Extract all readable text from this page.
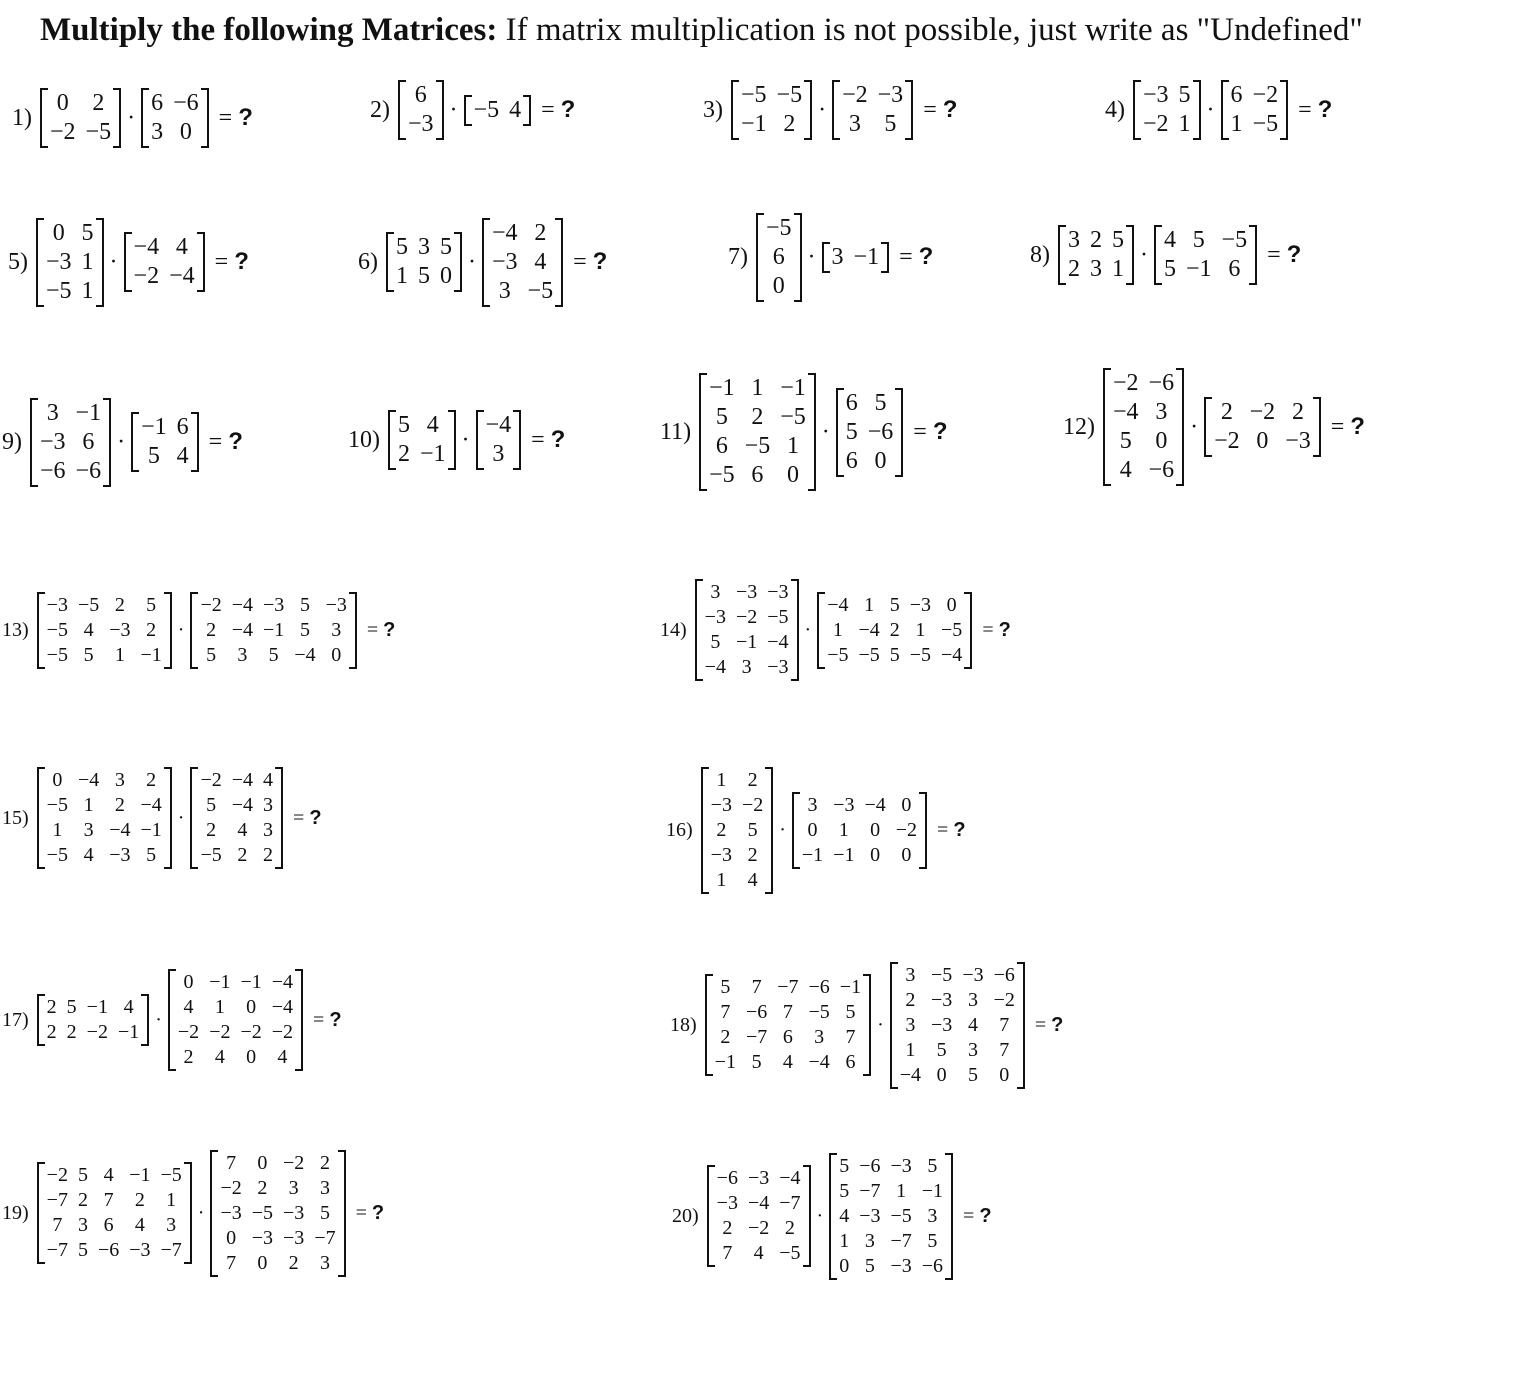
Multiply the following Matrices: If matrix multiplication is not possible, just write as "Undefined"
1)
0 2
−2 −5
·
6 −6
3 0
= ?	2)
6
−3
· −5 4 = ?	3)
−5 −5
−1 2
·
−2 −3
3 5
= ?	4)
−3 5
−2 1
·
6 −2
1 −5
= ?
5)
0 5
−3 1
−5 1
·
−4 4
−2 −4
= ?	6)
5 3 5
1 5 0
·
−4 2
−3 4
3 −5
= ?	7)
−5
6
0
· 3 −1 = ?	8)
3 2 5
2 3 1
·
4 5 −5
5 −1 6
= ?
9)
3 −1
−3 6
−6 −6
·
−1 6
5 4
= ?	10)
5 4
2 −1
·
−4
3
= ?	11)
−1 1 −1
5 2 −5
6 −5 1
−5 6 0
·
6 5
5 −6
6 0
= ?	12)
−2 −6
−4 3
5 0
4 −6
·
2 −2 2
−2 0 −3
= ?
13)
−3 −5 2 5
−5 4 −3 2
−5 5 1 −1
·
−2 −4 −3 5 −3
2 −4 −1 5 3
5 3 5 −4 0
= ?	14)
3 −3 −3
−3 −2 −5
5 −1 −4
−4 3 −3
·
−4 1 5 −3 0
1 −4 2 1 −5
−5 −5 5 −5 −4
= ?
15)
0 −4 3 2
−5 1 2 −4
1 3 −4 −1
−5 4 −3 5
·
−2 −4 4
5 −4 3
2 4 3
−5 2 2
= ?
16)
1 2
−3 −2
2 5
−3 2
1 4
·
3 −3 −4 0
0 1 0 −2
−1 −1 0 0
= ?
17)
2 5 −1 4
2 2 −2 −1
·
0 −1 −1 −4
4 1 0 −4
−2 −2 −2 −2
2 4 0 4
= ?	18)
5 7 −7 −6 −1
7 −6 7 −5 5
2 −7 6 3 7
−1 5 4 −4 6
·
3 −5 −3 −6
2 −3 3 −2
3 −3 4 7
1 5 3 7
−4 0 5 0
= ?
19)
−2 5 4 −1 −5
−7 2 7 2 1
7 3 6 4 3
−7 5 −6 −3 −7
·
7 0 −2 2
−2 2 3 3
−3 −5 −3 5
0 −3 −3 −7
7 0 2 3
= ?	20)
−6 −3 −4
−3 −4 −7
2 −2 2
7 4 −5
·
5 −6 −3 5
5 −7 1 −1
4 −3 −5 3
1 3 −7 5
0 5 −3 −6
= ?
